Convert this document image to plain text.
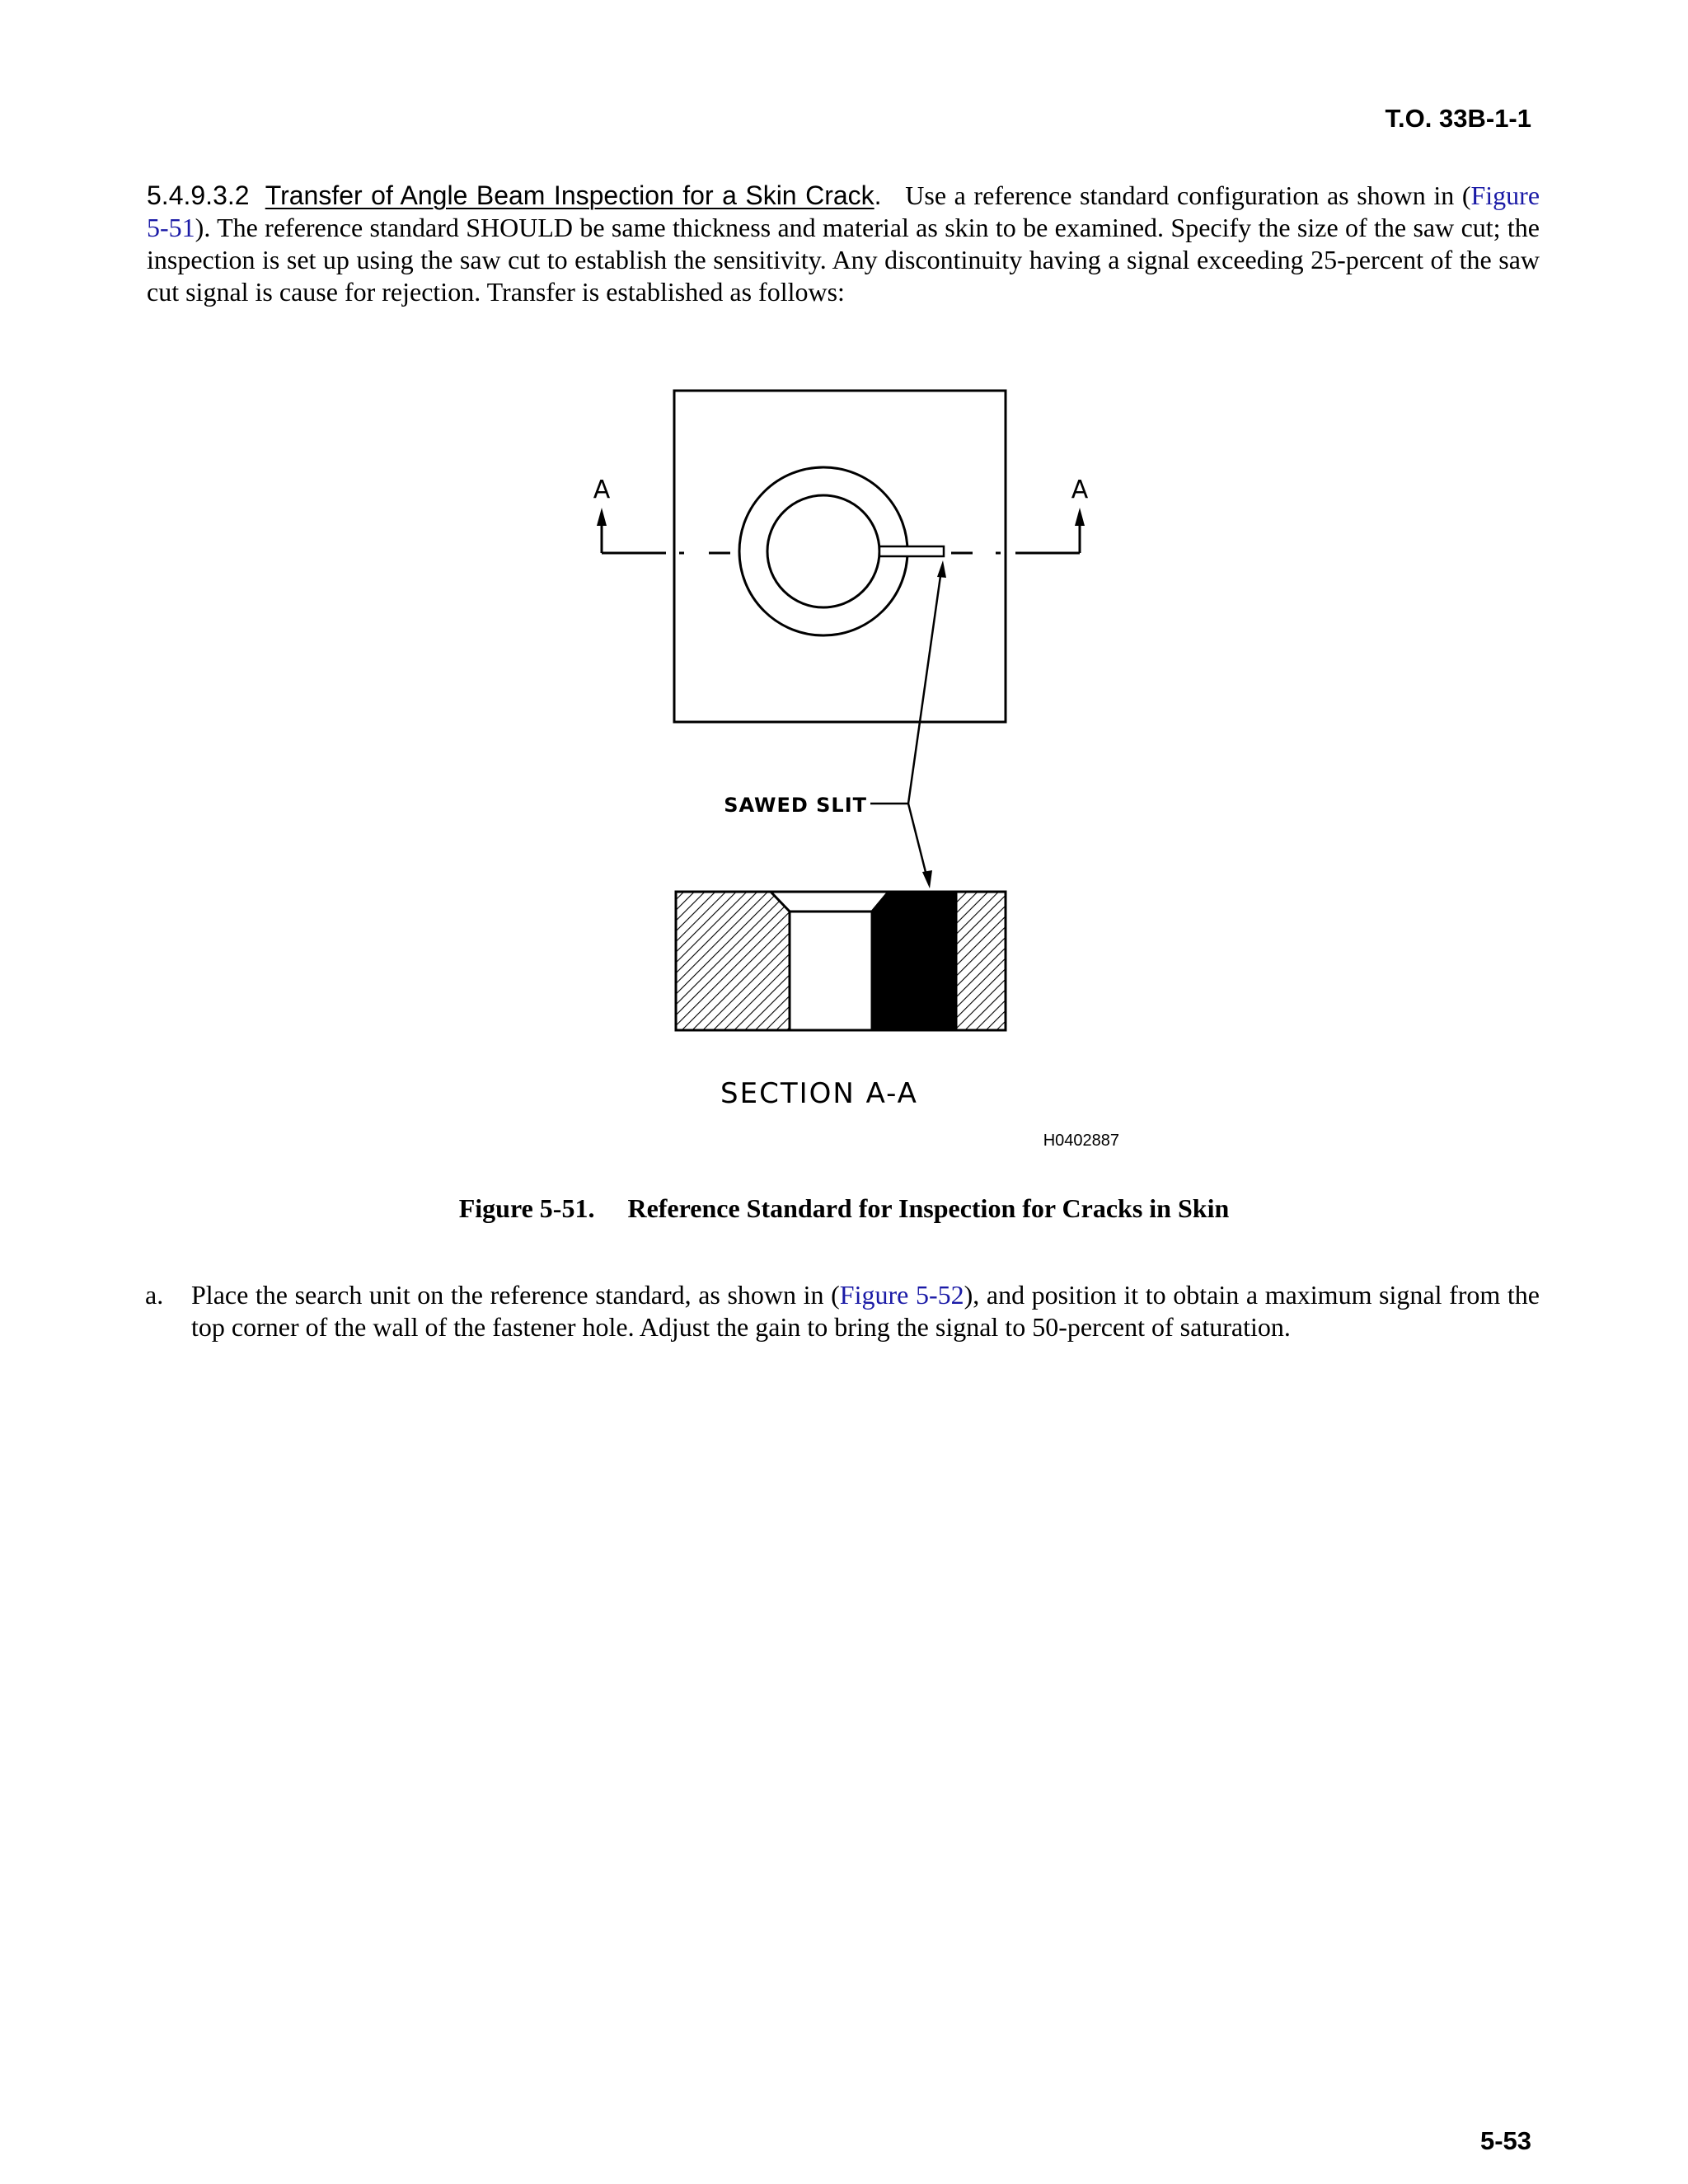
T.O. 33B-1-1

5.4.9.3.2 Transfer of Angle Beam Inspection for a Skin Crack. Use a reference standard configuration as shown in (Figure 5-51). The reference standard SHOULD be same thickness and material as skin to be examined. Specify the size of the saw cut; the inspection is set up using the saw cut to establish the sensitivity. Any discontinuity having a signal exceeding 25-percent of the saw cut signal is cause for rejection. Transfer is established as follows:

A	A
SAWED SLIT
SECTION A-A
H0402887
Figure 5-51. Reference Standard for Inspection for Cracks in Skin
a. Place the search unit on the reference standard, as shown in (Figure 5-52), and position it to obtain a maximum signal from the top corner of the wall of the fastener hole. Adjust the gain to bring the signal to 50-percent of saturation.
5-53
